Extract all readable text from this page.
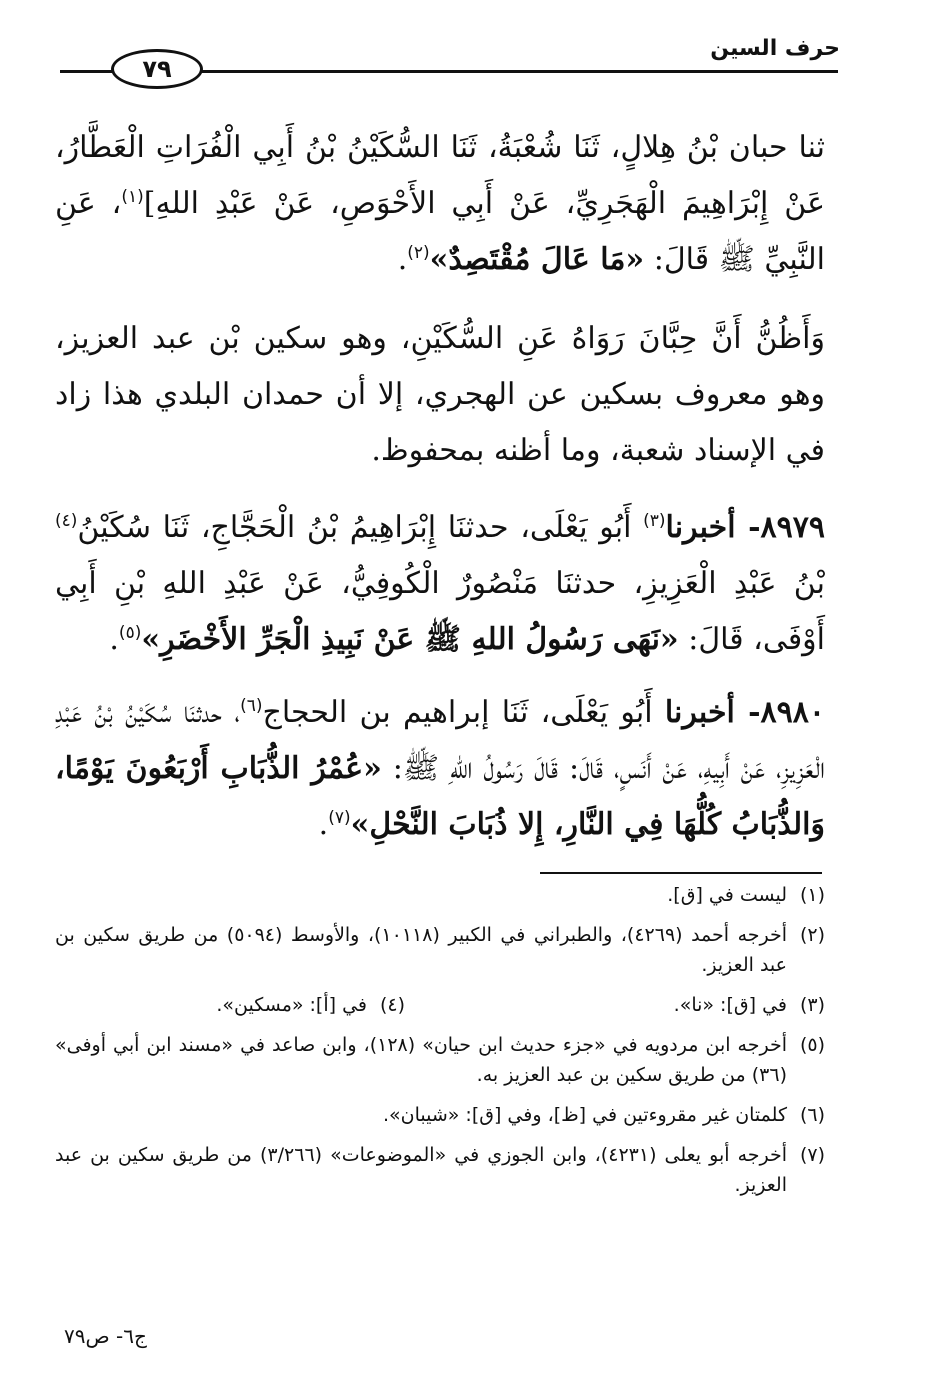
حرف السين
٧٩

ثنا حبان بْنُ هِلالٍ، ثَنَا شُعْبَةُ، ثَنَا السُّكَيْنُ بْنُ أَبِي الْفُرَاتِ الْعَطَّارُ، عَنْ إِبْرَاهِيمَ الْهَجَرِيِّ، عَنْ أَبِي الأَحْوَصِ، عَنْ عَبْدِ اللهِ]$^{(١)}$، عَنِ النَّبِيِّ ﷺ قَالَ: «مَا عَالَ مُقْتَصِدٌ»$^{(٢)}$.

وَأَظُنُّ أَنَّ حِبَّانَ رَوَاهُ عَنِ السُّكَيْنِ، وهو سكين بْن عبد العزيز، وهو معروف بسكين عن الهجري، إلا أن حمدان البلدي هذا زاد في الإسناد شعبة، وما أظنه بمحفوظ.

٨٩٧٩- أخبرنا$^{(٣)}$ أَبُو يَعْلَى، حدثنَا إِبْرَاهِيمُ بْنُ الْحَجَّاجِ، ثَنَا سُكَيْنُ$^{(٤)}$ بْنُ عَبْدِ الْعَزِيزِ، حدثنَا مَنْصُورٌ الْكُوفِيُّ، عَنْ عَبْدِ اللهِ بْنِ أَبِي أَوْفَى، قَالَ: «نَهَى رَسُولُ اللهِ ﷺ عَنْ نَبِيذِ الْجَرِّ الأَخْضَرِ»$^{(٥)}$.

٨٩٨٠- أخبرنا أَبُو يَعْلَى، ثَنَا إبراهيم بن الحجاج$^{(٦)}$، حدثنَا سُكَيْنُ بْنُ عَبْدِ الْعَزِيزِ، عَنْ أَبِيهِ، عَنْ أَنَسٍ، قَالَ: قَالَ رَسُولُ اللهِ ﷺ: «عُمْرُ الذُّبَابِ أَرْبَعُونَ يَوْمًا، وَالذُّبَابُ كُلُّهَا فِي النَّارِ، إِلا ذُبَابَ النَّحْلِ»$^{(٧)}$.

(١)
ليست في [ق].
(٢)
أخرجه أحمد (٤٢٦٩)، والطبراني في الكبير (١٠١١٨)، والأوسط (٥٠٩٤) من طريق سكين بن عبد العزيز.
(٣)
في [ق]: «نا».
(٤)
في [أ]: «مسكين».
(٥)
أخرجه ابن مردويه في «جزء حديث ابن حيان» (١٢٨)، وابن صاعد في «مسند ابن أبي أوفى» (٣٦) من طريق سكين بن عبد العزيز به.
(٦)
كلمتان غير مقروءتين في [ظ]، وفي [ق]: «شيبان».
(٧)
أخرجه أبو يعلى (٤٢٣١)، وابن الجوزي في «الموضوعات» (٣/٢٦٦) من طريق سكين بن عبد العزيز.
ج٦- ص٧٩
